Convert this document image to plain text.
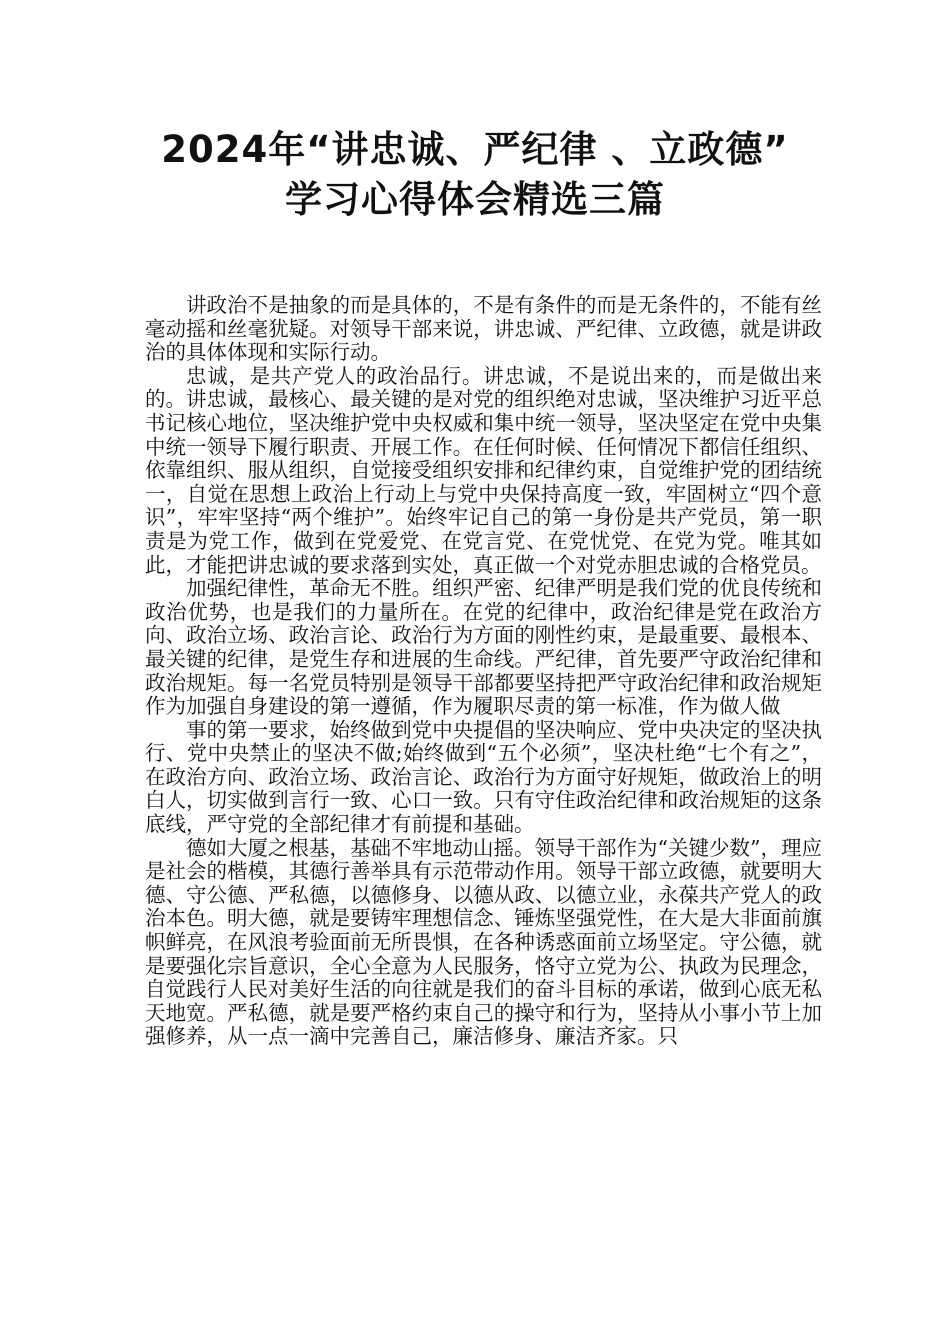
2024年“讲忠诚、严纪律 、立政德”
学习心得体会精选三篇

讲政治不是抽象的而是具体的，不是有条件的而是无条件的，不能有丝毫动摇和丝毫犹疑。对领导干部来说，讲忠诚、严纪律、立政德，就是讲政治的具体体现和实际行动。

忠诚，是共产党人的政治品行。讲忠诚，不是说出来的，而是做出来的。讲忠诚，最核心、最关键的是对党的组织绝对忠诚，坚决维护习近平总书记核心地位，坚决维护党中央权威和集中统一领导，坚决坚定在党中央集中统一领导下履行职责、开展工作。在任何时候、任何情况下都信任组织、依靠组织、服从组织，自觉接受组织安排和纪律约束，自觉维护党的团结统一，自觉在思想上政治上行动上与党中央保持高度一致，牢固树立“四个意识”，牢牢坚持“两个维护”。始终牢记自己的第一身份是共产党员，第一职责是为党工作，做到在党爱党、在党言党、在党忧党、在党为党。唯其如此，才能把讲忠诚的要求落到实处，真正做一个对党赤胆忠诚的合格党员。

加强纪律性，革命无不胜。组织严密、纪律严明是我们党的优良传统和政治优势，也是我们的力量所在。在党的纪律中，政治纪律是党在政治方向、政治立场、政治言论、政治行为方面的刚性约束，是最重要、最根本、最关键的纪律，是党生存和进展的生命线。严纪律，首先要严守政治纪律和政治规矩。每一名党员特别是领导干部都要坚持把严守政治纪律和政治规矩作为加强自身建设的第一遵循，作为履职尽责的第一标准，作为做人做

事的第一要求，始终做到党中央提倡的坚决响应、党中央决定的坚决执行、党中央禁止的坚决不做;始终做到“五个必须”，坚决杜绝“七个有之”，在政治方向、政治立场、政治言论、政治行为方面守好规矩，做政治上的明白人，切实做到言行一致、心口一致。只有守住政治纪律和政治规矩的这条底线，严守党的全部纪律才有前提和基础。

德如大厦之根基，基础不牢地动山摇。领导干部作为“关键少数”，理应是社会的楷模，其德行善举具有示范带动作用。领导干部立政德，就要明大德、守公德、严私德，以德修身、以德从政、以德立业，永葆共产党人的政治本色。明大德，就是要铸牢理想信念、锤炼坚强党性，在大是大非面前旗帜鲜亮，在风浪考验面前无所畏惧，在各种诱惑面前立场坚定。守公德，就是要强化宗旨意识，全心全意为人民服务，恪守立党为公、执政为民理念，自觉践行人民对美好生活的向往就是我们的奋斗目标的承诺，做到心底无私天地宽。严私德，就是要严格约束自己的操守和行为，坚持从小事小节上加强修养，从一点一滴中完善自己，廉洁修身、廉洁齐家。只
